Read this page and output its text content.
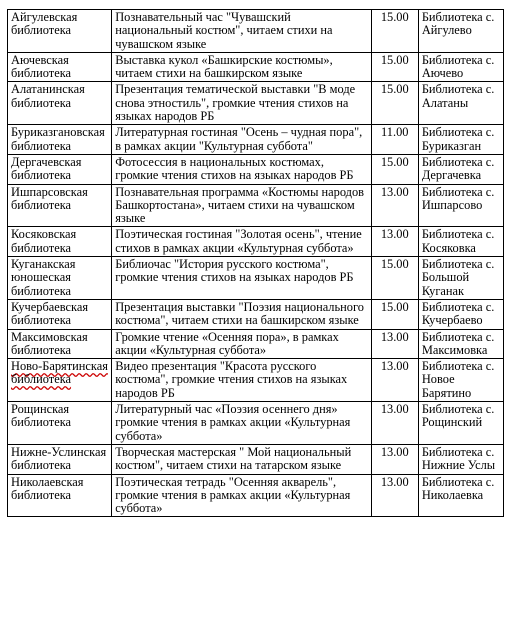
Айгулевская библиотека	Познавательный час "Чувашский национальный костюм", читаем стихи на чувашском языке	15.00	Библиотека с. Айгулево
Аючевская библиотека	Выставка кукол «Башкирские костюмы», читаем стихи на башкирском языке	15.00	Библиотека с. Аючево
Алатанинская библиотека	Презентация тематической выставки "В моде снова этностиль", громкие чтения стихов на языках народов РБ	15.00	Библиотека с. Алатаны
Буриказгановская библиотека	Литературная гостиная "Осень – чудная пора", в рамках акции "Культурная суббота"	11.00	Библиотека с. Буриказган
Дергачевская библиотека	Фотосессия в национальных костюмах, громкие чтения стихов на языках народов РБ	15.00	Библиотека с. Дергачевка
Ишпарсовская библиотека	Познавательная программа «Костюмы народов Башкортостана», читаем стихи на чувашском языке	13.00	Библиотека с. Ишпарсово
Косяковская библиотека	Поэтическая гостиная "Золотая осень", чтение стихов в рамках акции «Культурная суббота»	13.00	Библиотека с. Косяковка
Куганакская юношеская библиотека	Библиочас "История русского костюма", громкие чтения стихов на языках народов РБ	15.00	Библиотека с. Большой Куганак
Кучербаевская библиотека	Презентация выставки "Поэзия национального костюма", читаем стихи на башкирском языке	15.00	Библиотека с. Кучербаево
Максимовская библиотека	Громкие чтение «Осенняя пора», в рамках акции «Культурная суббота»	13.00	Библиотека с. Максимовка
Ново-Барятинская библиотека	Видео презентация "Красота русского костюма", громкие чтения стихов на языках народов РБ	13.00	Библиотека с. Новое Барятино
Рощинская библиотека	Литературный час «Поэзия осеннего дня» громкие чтения в рамках акции «Культурная суббота»	13.00	Библиотека с. Рощинский
Нижне-Услинская библиотека	Творческая мастерская " Мой национальный костюм", читаем стихи на татарском языке	13.00	Библиотека с. Нижние Услы
Николаевская библиотека	Поэтическая тетрадь "Осенняя акварель", громкие чтения в рамках акции «Культурная суббота»	13.00	Библиотека с. Николаевка
